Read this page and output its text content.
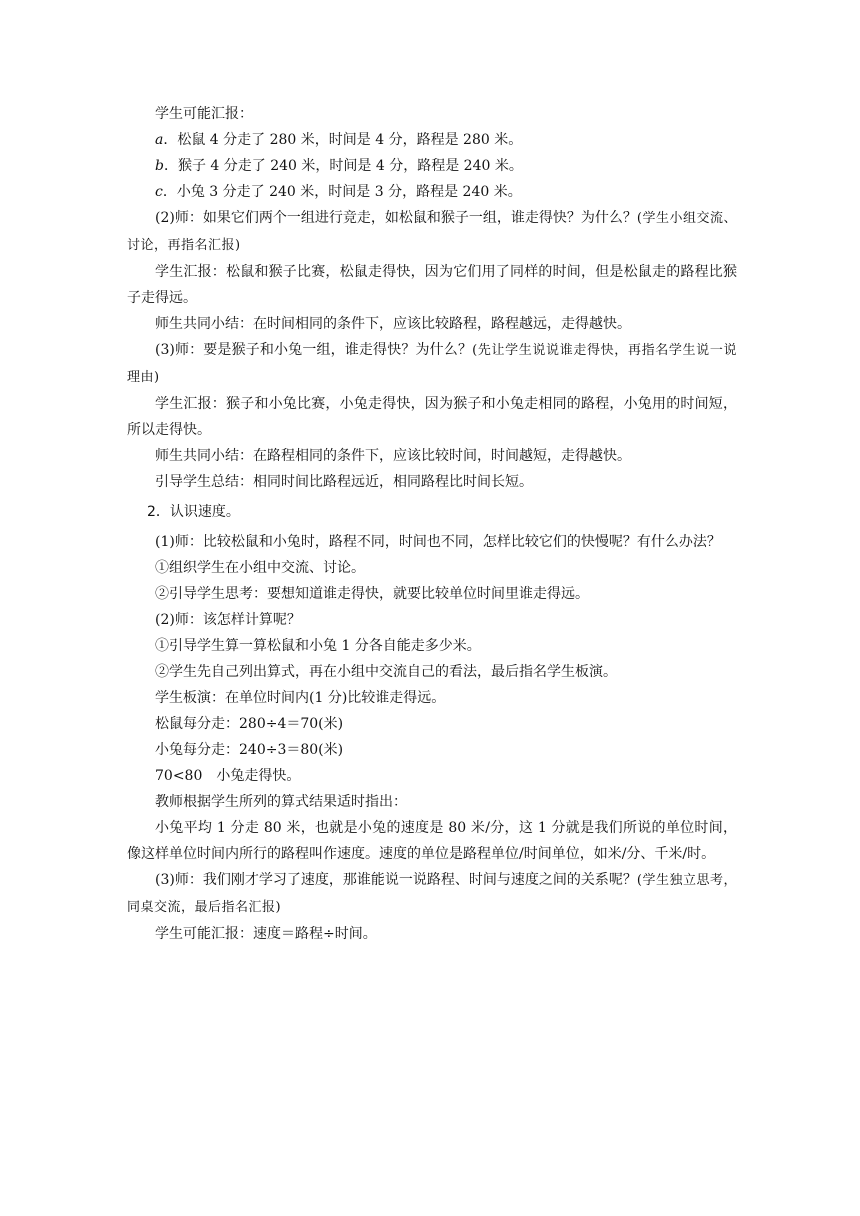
学生可能汇报：

a．松鼠 4 分走了 280 米，时间是 4 分，路程是 280 米。

b．猴子 4 分走了 240 米，时间是 4 分，路程是 240 米。

c．小兔 3 分走了 240 米，时间是 3 分，路程是 240 米。

(2)师：如果它们两个一组进行竞走，如松鼠和猴子一组，谁走得快？为什么？(学生小组交流、讨论，再指名汇报)

学生汇报：松鼠和猴子比赛，松鼠走得快，因为它们用了同样的时间，但是松鼠走的路程比猴子走得远。

师生共同小结：在时间相同的条件下，应该比较路程，路程越远，走得越快。

(3)师：要是猴子和小兔一组，谁走得快？为什么？(先让学生说说谁走得快，再指名学生说一说理由)

学生汇报：猴子和小兔比赛，小兔走得快，因为猴子和小兔走相同的路程，小兔用的时间短，所以走得快。

师生共同小结：在路程相同的条件下，应该比较时间，时间越短，走得越快。

引导学生总结：相同时间比路程远近，相同路程比时间长短。

2．认识速度。

(1)师：比较松鼠和小兔时，路程不同，时间也不同，怎样比较它们的快慢呢？有什么办法？

①组织学生在小组中交流、讨论。

②引导学生思考：要想知道谁走得快，就要比较单位时间里谁走得远。

(2)师：该怎样计算呢？

①引导学生算一算松鼠和小兔 1 分各自能走多少米。

②学生先自己列出算式，再在小组中交流自己的看法，最后指名学生板演。

学生板演：在单位时间内(1 分)比较谁走得远。

松鼠每分走：280÷4＝70(米)

小兔每分走：240÷3＝80(米)

70<80　小兔走得快。

教师根据学生所列的算式结果适时指出：

小兔平均 1 分走 80 米，也就是小兔的速度是 80 米/分，这 1 分就是我们所说的单位时间，像这样单位时间内所行的路程叫作速度。速度的单位是路程单位/时间单位，如米/分、千米/时。

(3)师：我们刚才学习了速度，那谁能说一说路程、时间与速度之间的关系呢？(学生独立思考，同桌交流，最后指名汇报)

学生可能汇报：速度＝路程÷时间。
